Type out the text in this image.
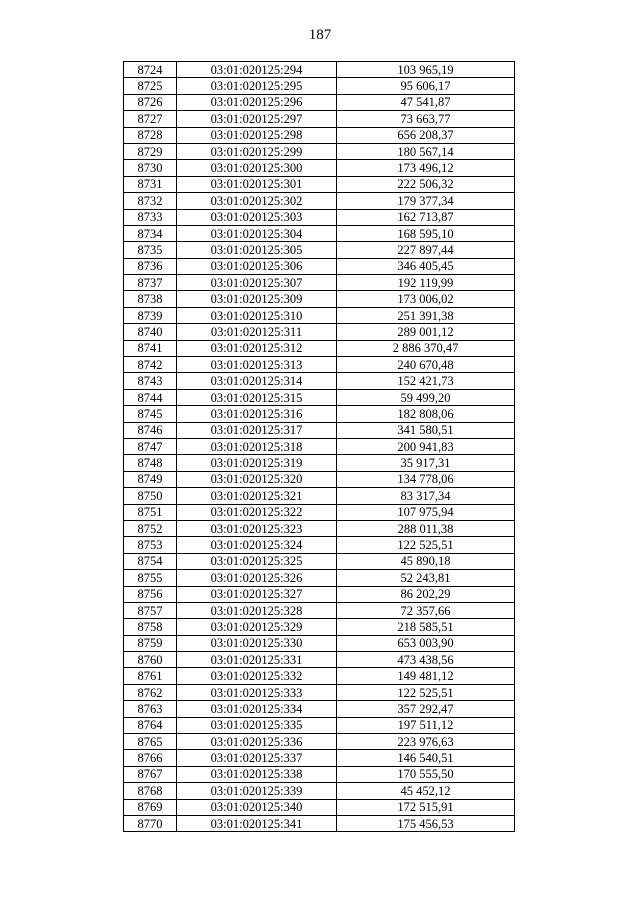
187
8724	03:01:020125:294	103 965,19
8725	03:01:020125:295	95 606,17
8726	03:01:020125:296	47 541,87
8727	03:01:020125:297	73 663,77
8728	03:01:020125:298	656 208,37
8729	03:01:020125:299	180 567,14
8730	03:01:020125:300	173 496,12
8731	03:01:020125:301	222 506,32
8732	03:01:020125:302	179 377,34
8733	03:01:020125:303	162 713,87
8734	03:01:020125:304	168 595,10
8735	03:01:020125:305	227 897,44
8736	03:01:020125:306	346 405,45
8737	03:01:020125:307	192 119,99
8738	03:01:020125:309	173 006,02
8739	03:01:020125:310	251 391,38
8740	03:01:020125:311	289 001,12
8741	03:01:020125:312	2 886 370,47
8742	03:01:020125:313	240 670,48
8743	03:01:020125:314	152 421,73
8744	03:01:020125:315	59 499,20
8745	03:01:020125:316	182 808,06
8746	03:01:020125:317	341 580,51
8747	03:01:020125:318	200 941,83
8748	03:01:020125:319	35 917,31
8749	03:01:020125:320	134 778,06
8750	03:01:020125:321	83 317,34
8751	03:01:020125:322	107 975,94
8752	03:01:020125:323	288 011,38
8753	03:01:020125:324	122 525,51
8754	03:01:020125:325	45 890,18
8755	03:01:020125:326	52 243,81
8756	03:01:020125:327	86 202,29
8757	03:01:020125:328	72 357,66
8758	03:01:020125:329	218 585,51
8759	03:01:020125:330	653 003,90
8760	03:01:020125:331	473 438,56
8761	03:01:020125:332	149 481,12
8762	03:01:020125:333	122 525,51
8763	03:01:020125:334	357 292,47
8764	03:01:020125:335	197 511,12
8765	03:01:020125:336	223 976,63
8766	03:01:020125:337	146 540,51
8767	03:01:020125:338	170 555,50
8768	03:01:020125:339	45 452,12
8769	03:01:020125:340	172 515,91
8770	03:01:020125:341	175 456,53
